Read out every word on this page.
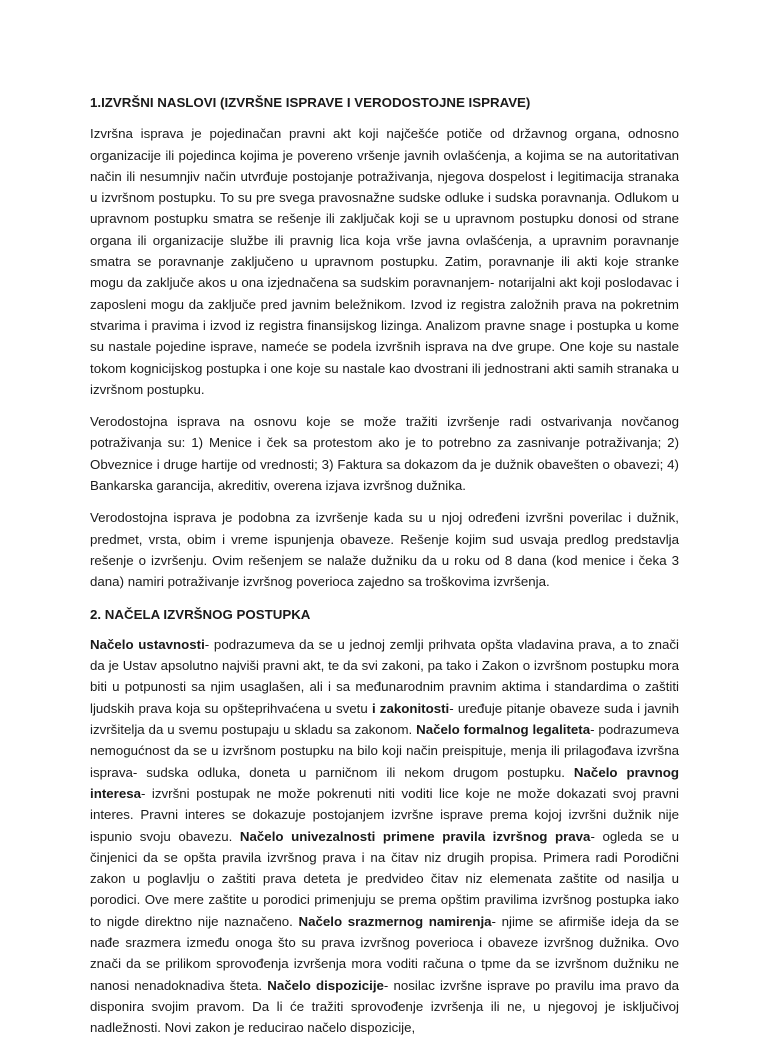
1.IZVRŠNI NASLOVI (IZVRŠNE ISPRAVE I VERODOSTOJNE ISPRAVE)

Izvršna isprava je pojedinačan pravni akt koji najčešće potiče od državnog organa, odnosno organizacije ili pojedinca kojima je povereno vršenje javnih ovlašćenja, a kojima se na autoritativan način ili nesumnjiv način utvrđuje postojanje potraživanja, njegova dospelost i legitimacija stranaka u izvršnom postupku. To su pre svega pravosnažne sudske odluke i sudska poravnanja. Odlukom u upravnom postupku smatra se rešenje ili zaključak koji se u upravnom postupku donosi od strane organa ili organizacije službe ili pravnig lica koja vrše javna ovlašćenja, a upravnim poravnanje smatra se poravnanje zaključeno u upravnom postupku. Zatim, poravnanje ili akti koje stranke mogu da zaključe akos u ona izjednačena sa sudskim poravnanjem- notarijalni akt koji poslodavac i zaposleni mogu da zaključe pred javnim beležnikom. Izvod iz registra založnih prava na pokretnim stvarima i pravima i izvod iz registra finansijskog lizinga. Analizom pravne snage i postupka u kome su nastale pojedine isprave, nameće se podela izvršnih isprava na dve grupe. One koje su nastale tokom kognicijskog postupka i one koje su nastale kao dvostrani ili jednostrani akti samih stranaka u izvršnom postupku.

Verodostojna isprava na osnovu koje se može tražiti izvršenje radi ostvarivanja novčanog potraživanja su: 1) Menice i ček sa protestom ako je to potrebno za zasnivanje potraživanja; 2) Obveznice i druge hartije od vrednosti; 3) Faktura sa dokazom da je dužnik obavešten o obavezi; 4) Bankarska garancija, akreditiv, overena izjava izvršnog dužnika.

Verodostojna isprava je podobna za izvršenje kada su u njoj određeni izvršni poverilac i dužnik, predmet, vrsta, obim i vreme ispunjenja obaveze. Rešenje kojim sud usvaja predlog predstavlja rešenje o izvršenju. Ovim rešenjem se nalaže dužniku da u roku od 8 dana (kod menice i čeka 3 dana) namiri potraživanje izvršnog poverioca zajedno sa troškovima izvršenja.

2. NAČELA IZVRŠNOG POSTUPKA

Načelo ustavnosti- podrazumeva da se u jednoj zemlji prihvata opšta vladavina prava, a to znači da je Ustav apsolutno najviši pravni akt, te da svi zakoni, pa tako i Zakon o izvršnom postupku mora biti u potpunosti sa njim usaglašen, ali i sa međunarodnim pravnim aktima i standardima o zaštiti ljudskih prava koja su opšteprihvaćena u svetu i zakonitosti- uređuje pitanje obaveze suda i javnih izvršitelja da u svemu postupaju u skladu sa zakonom. Načelo formalnog legaliteta- podrazumeva nemogućnost da se u izvršnom postupku na bilo koji način preispituje, menja ili prilagođava izvršna isprava- sudska odluka, doneta u parničnom ili nekom drugom postupku. Načelo pravnog interesa- izvršni postupak ne može pokrenuti niti voditi lice koje ne može dokazati svoj pravni interes. Pravni interes se dokazuje postojanjem izvršne isprave prema kojoj izvršni dužnik nije ispunio svoju obavezu. Načelo univezalnosti primene pravila izvršnog prava- ogleda se u činjenici da se opšta pravila izvršnog prava i na čitav niz drugih propisa. Primera radi Porodični zakon u poglavlju o zaštiti prava deteta je predvideo čitav niz elemenata zaštite od nasilja u porodici. Ove mere zaštite u porodici primenjuju se prema opštim pravilima izvršnog postupka iako to nigde direktno nije naznačeno. Načelo srazmernog namirenja- njime se afirmiše ideja da se nađe srazmera između onoga što su prava izvršnog poverioca i obaveze izvršnog dužnika. Ovo znači da se prilikom sprovođenja izvršenja mora voditi računa o tpme da se izvršnom dužniku ne nanosi nenadoknadiva šteta. Načelo dispozicije- nosilac izvršne isprave po pravilu ima pravo da disponira svojim pravom. Da li će tražiti sprovođenje izvršenja ili ne, u njegovoj je isključivoj nadležnosti. Novi zakon je reducirao načelo dispozicije,
